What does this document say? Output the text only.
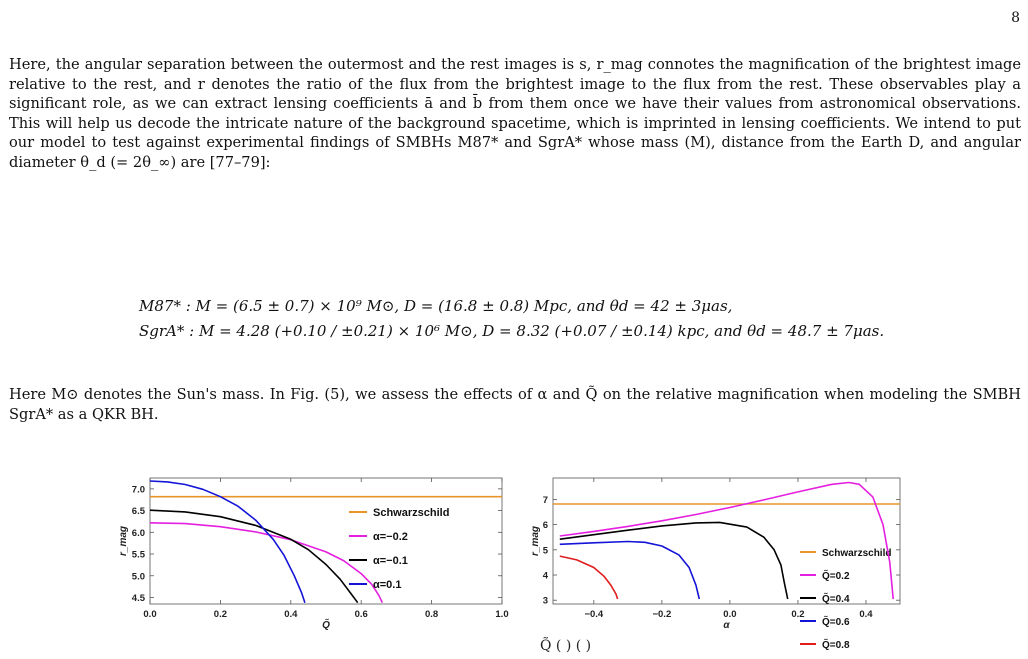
8
Here, the angular separation between the outermost and the rest images is s, r_mag connotes the magnification of the brightest image relative to the rest, and r denotes the ratio of the flux from the brightest image to the flux from the rest. These observables play a significant role, as we can extract lensing coefficients ā and b̄ from them once we have their values from astronomical observations. This will help us decode the intricate nature of the background spacetime, which is imprinted in lensing coefficients. We intend to put our model to test against experimental findings of SMBHs M87* and SgrA* whose mass (M), distance from the Earth D, and angular diameter θ_d (= 2θ_∞) are [77–79]:
M87* : M = (6.5 ± 0.7) × 10⁹ M⊙, D = (16.8 ± 0.8) Mpc, and θd = 42 ± 3μas,
SgrA* : M = 4.28 (+0.10 / ±0.21) × 10⁶ M⊙, D = 8.32 (+0.07 / ±0.14) kpc, and θd = 48.7 ± 7μas.
Here M⊙ denotes the Sun's mass. In Fig. (5), we assess the effects of α and Q̃ on the relative magnification when modeling the SMBH SgrA* as a QKR BH.
0.0	0.2	0.4	0.6	0.8	1.0
4.5
5.0
5.5
6.0
6.5
7.0
Q̃
r_mag
Schwarzschild
α=−0.2
α=−0.1
α=0.1
−0.4	−0.2	0.0	0.2	0.4
3
4
5
6
7
α
r_mag	Schwarzschild
Q̃=0.2
Q̃=0.4
Q̃=0.6
Q̃=0.8
Q̃ ( ) ( )
